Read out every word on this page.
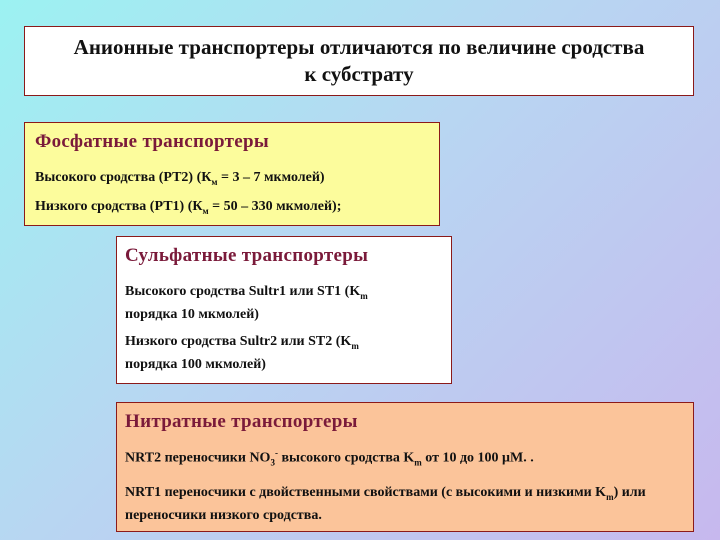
Анионные транспортеры отличаются по величине сродства
к субстрату
Фосфатные транспортеры
Высокого сродства (РТ2) ($К_м = 3 - 7$ мкмолей)
Низкого сродства (РТ1) ($К_м = 50 - 330$ мкмолей);
Сульфатные транспортеры
Высокого сродства Sultr1 или ST1 ($K_m$
порядка 10 мкмолей)
Низкого сродства Sultr2 или ST2 ($K_m$
порядка 100 мкмолей)
Нитратные транспортеры
NRT2 переносчики $NO_3^-$ высокого сродства $K_m$ от 10 до 100 μМ. .
NRT1 переносчики с двойственными свойствами (с высокими и низкими $K_m$) или переносчики низкого сродства.
